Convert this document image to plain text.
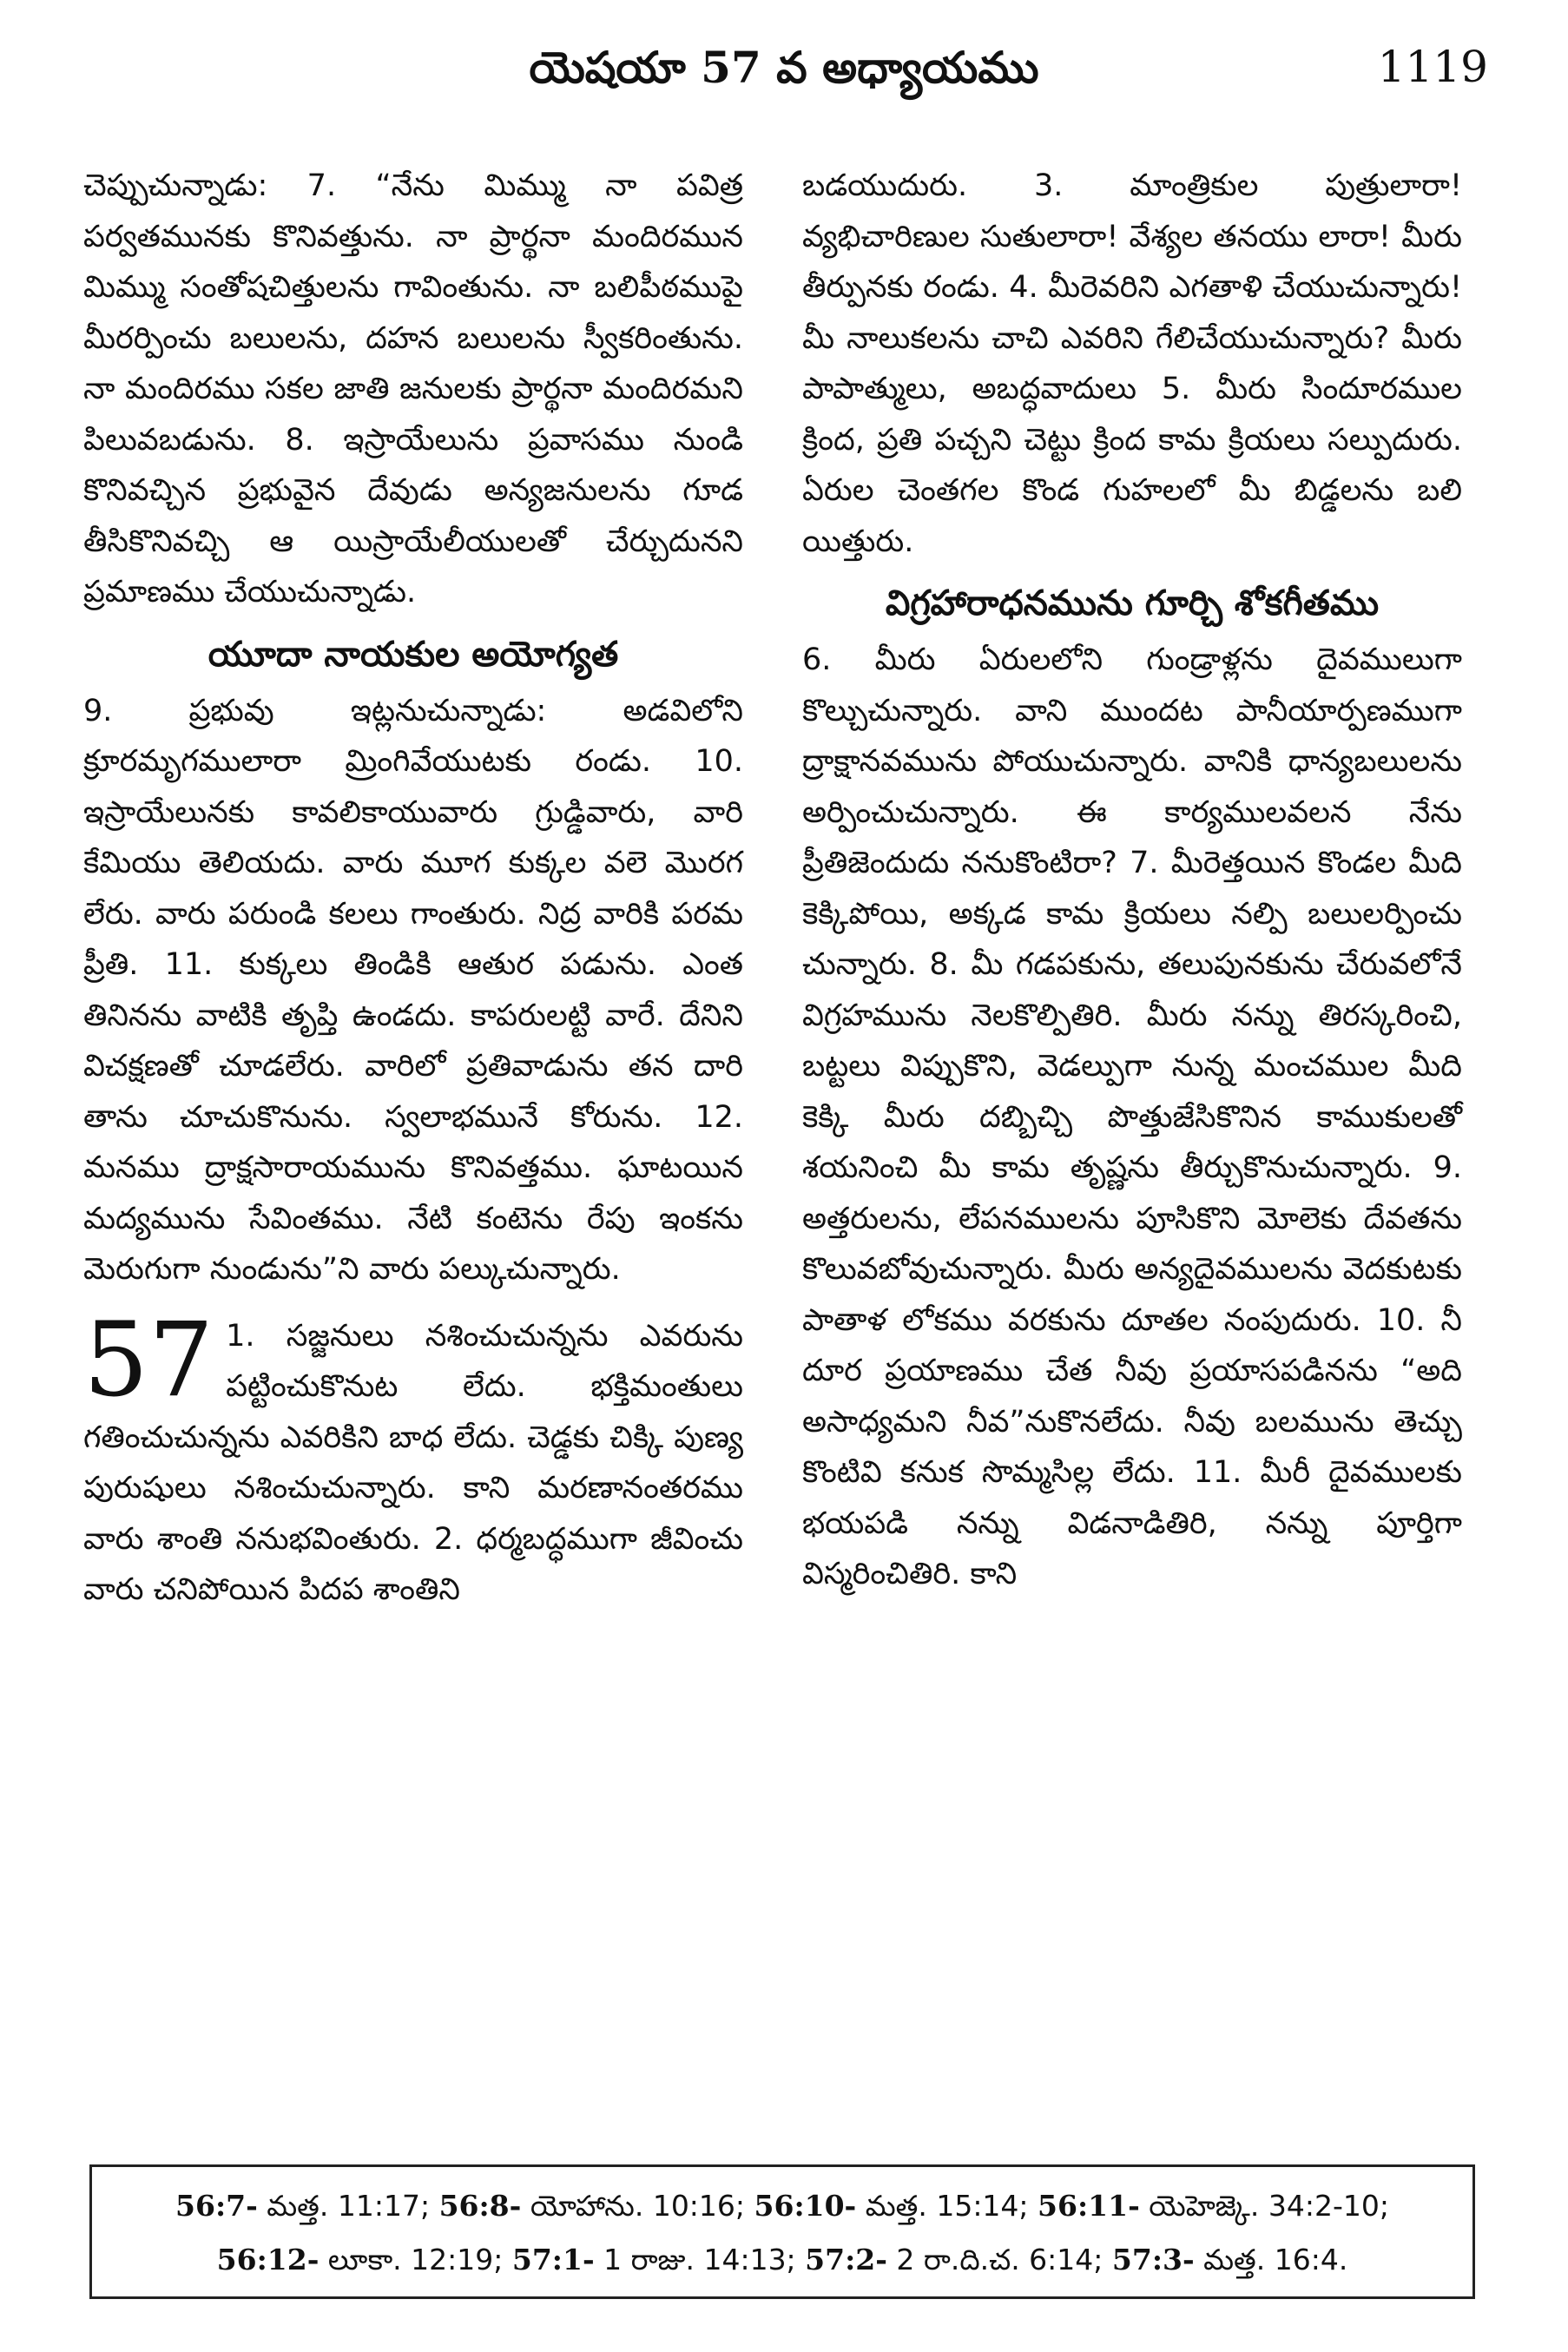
యెషయా 57 వ అధ్యాయము	1119

చెప్పుచున్నాడు: 7. “నేను మిమ్ము నా పవిత్ర పర్వతమునకు కొనివత్తును. నా ప్రార్థనా మందిరమున మిమ్ము సంతోషచిత్తులను గావింతును. నా బలిపీఠముపై మీరర్పించు బలులను, దహన బలులను స్వీకరింతును. నా మందిరము సకల జాతి జనులకు ప్రార్థనా మందిరమని పిలువబడును. 8. ఇస్రాయేలును ప్రవాసము నుండి కొనివచ్చిన ప్రభువైన దేవుడు అన్యజనులను గూడ తీసికొనివచ్చి ఆ యిస్రాయేలీయులతో చేర్చుదునని ప్రమాణము చేయుచున్నాడు.

యూదా నాయకుల అయోగ్యత

9. ప్రభువు ఇట్లనుచున్నాడు: అడవిలోని క్రూరమృగములారా మ్రింగివేయుటకు రండు. 10. ఇస్రాయేలునకు కావలికాయువారు గ్రుడ్డివారు, వారి కేమియు తెలియదు. వారు మూగ కుక్కల వలె మొరగ లేరు. వారు పరుండి కలలు గాంతురు. నిద్ర వారికి పరమ ప్రీతి. 11. కుక్కలు తిండికి ఆతుర పడును. ఎంత తినినను వాటికి తృప్తి ఉండదు. కాపరులట్టి వారే. దేనిని విచక్షణతో చూడలేరు. వారిలో ప్రతివాడును తన దారి తాను చూచుకొనును. స్వలాభమునే కోరును. 12. మనము ద్రాక్షసారాయమును కొనివత్తము. ఘాటయిన మద్యమును సేవింతము. నేటి కంటెను రేపు ఇంకను మెరుగుగా నుండును”ని వారు పల్కుచున్నారు.

57 1. సజ్జనులు నశించుచున్నను ఎవరును పట్టించుకొనుట లేదు. భక్తిమంతులు గతించుచున్నను ఎవరికిని బాధ లేదు. చెడ్డకు చిక్కి పుణ్య పురుషులు నశించుచున్నారు. కాని మరణానంతరము వారు శాంతి ననుభవింతురు. 2. ధర్మబద్ధముగా జీవించు వారు చనిపోయిన పిదప శాంతిని

బడయుదురు. 3. మాంత్రికుల పుత్రులారా! వ్యభిచారిణుల సుతులారా! వేశ్యల తనయు లారా! మీరు తీర్పునకు రండు. 4. మీరెవరిని ఎగతాళి చేయుచున్నారు! మీ నాలుకలను చాచి ఎవరిని గేలిచేయుచున్నారు? మీరు పాపాత్ములు, అబద్ధవాదులు 5. మీరు సిందూరముల క్రింద, ప్రతి పచ్చని చెట్టు క్రింద కామ క్రియలు సల్పుదురు. ఏరుల చెంతగల కొండ గుహలలో మీ బిడ్డలను బలి యిత్తురు.

విగ్రహారాధనమును గూర్చి శోకగీతము

6. మీరు ఏరులలోని గుండ్రాళ్లను దైవములుగా కొల్చుచున్నారు. వాని ముందట పానీయార్పణముగా ద్రాక్షానవమును పోయుచున్నారు. వానికి ధాన్యబలులను అర్పించుచున్నారు. ఈ కార్యములవలన నేను ప్రీతిజెందుదు ననుకొంటిరా? 7. మీరెత్తయిన కొండల మీది కెక్కిపోయి, అక్కడ కామ క్రియలు నల్పి బలులర్పించు చున్నారు. 8. మీ గడపకును, తలుపునకును చేరువలోనే విగ్రహమును నెలకొల్పితిరి. మీరు నన్ను తిరస్కరించి, బట్టలు విప్పుకొని, వెడల్పుగా నున్న మంచముల మీది కెక్కి మీరు దబ్బిచ్చి పొత్తుజేసికొనిన కాముకులతో శయనించి మీ కామ తృష్ణను తీర్చుకొనుచున్నారు. 9. అత్తరులను, లేపనములను పూసికొని మోలెకు దేవతను కొలువబోవుచున్నారు. మీరు అన్యదైవములను వెదకుటకు పాతాళ లోకము వరకును దూతల నంపుదురు. 10. నీ దూర ప్రయాణము చేత నీవు ప్రయాసపడినను “అది అసాధ్యమని నీవ”నుకొనలేదు. నీవు బలమును తెచ్చు కొంటివి కనుక సొమ్మసిల్ల లేదు. 11. మీరీ దైవములకు భయపడి నన్ను విడనాడితిరి, నన్ను పూర్తిగా విస్మరించితిరి. కాని

56:7- మత్త. 11:17; 56:8- యోహాను. 10:16; 56:10- మత్త. 15:14; 56:11- యెహెజ్కె. 34:2-10;
56:12- లూకా. 12:19; 57:1- 1 రాజు. 14:13; 57:2- 2 రా.ది.చ. 6:14; 57:3- మత్త. 16:4.
